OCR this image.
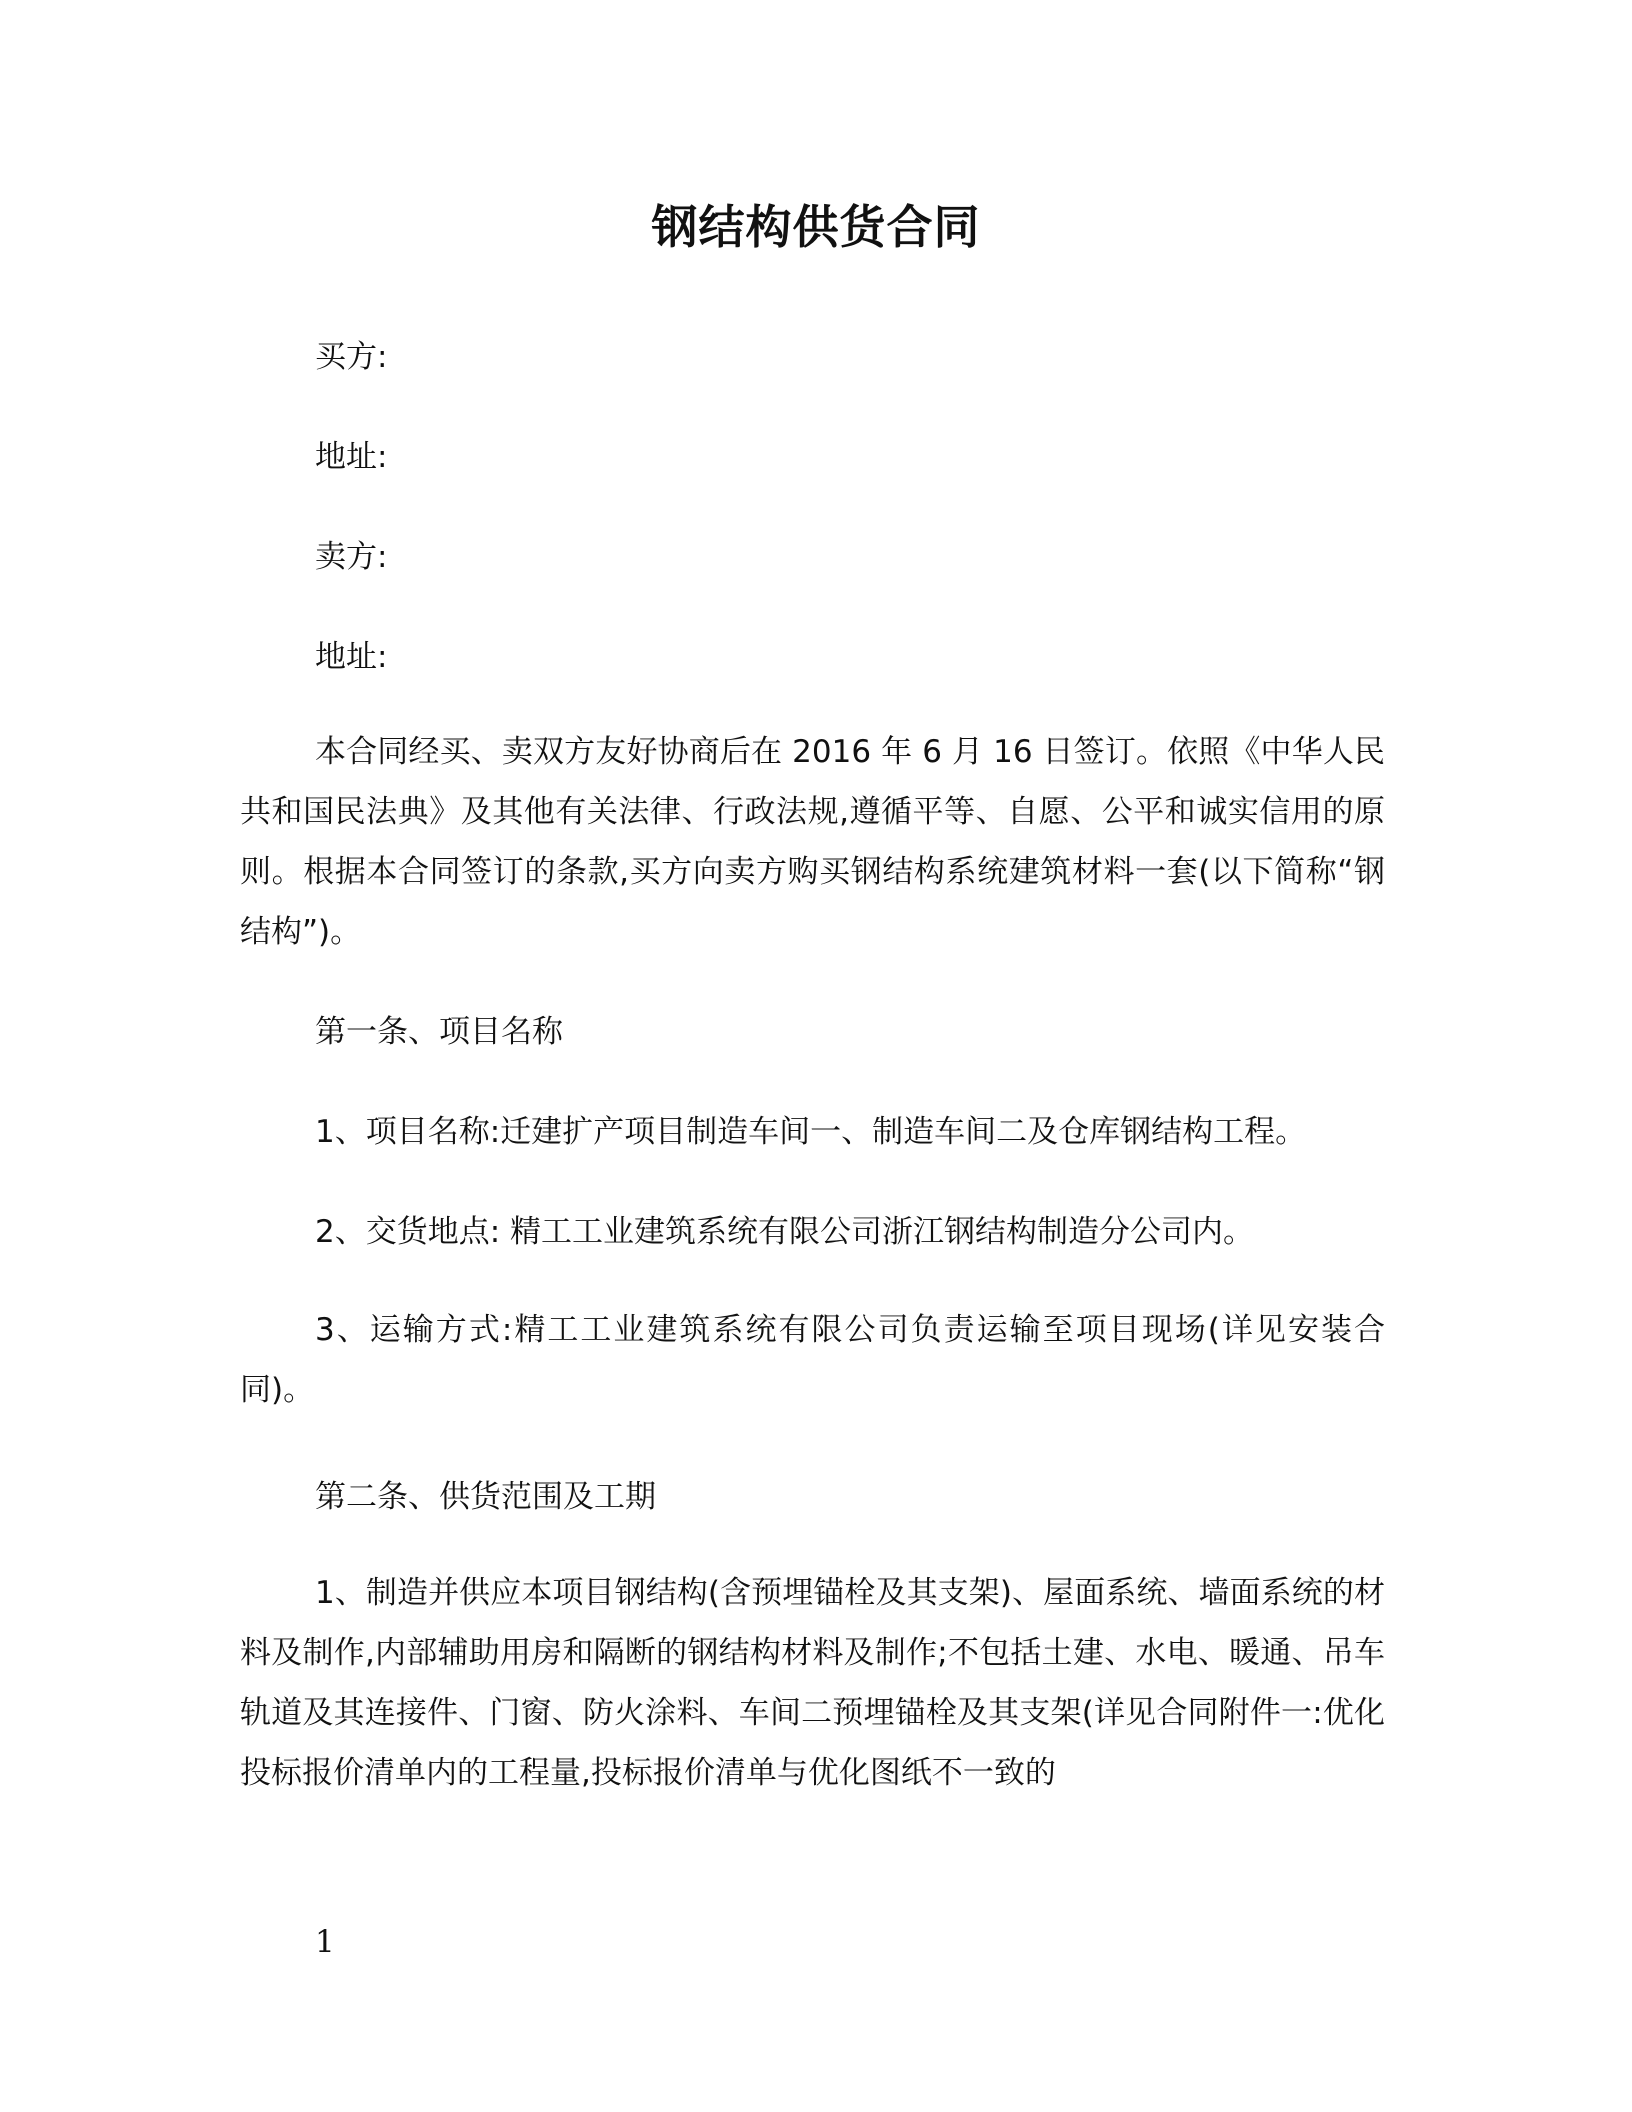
钢结构供货合同

买方:

地址:

卖方:

地址:

本合同经买、卖双方友好协商后在 2016 年 6 月 16 日签订。依照《中华人民共和国民法典》及其他有关法律、行政法规,遵循平等、自愿、公平和诚实信用的原则。根据本合同签订的条款,买方向卖方购买钢结构系统建筑材料一套(以下简称“钢结构”)。

第一条、项目名称

1、项目名称:迁建扩产项目制造车间一、制造车间二及仓库钢结构工程。

2、交货地点: 精工工业建筑系统有限公司浙江钢结构制造分公司内。

3、运输方式:精工工业建筑系统有限公司负责运输至项目现场(详见安装合同)。

第二条、供货范围及工期

1、制造并供应本项目钢结构(含预埋锚栓及其支架)、屋面系统、墙面系统的材料及制作,内部辅助用房和隔断的钢结构材料及制作;不包括土建、水电、暖通、吊车轨道及其连接件、门窗、防火涂料、车间二预埋锚栓及其支架(详见合同附件一:优化投标报价清单内的工程量,投标报价清单与优化图纸不一致的

1
